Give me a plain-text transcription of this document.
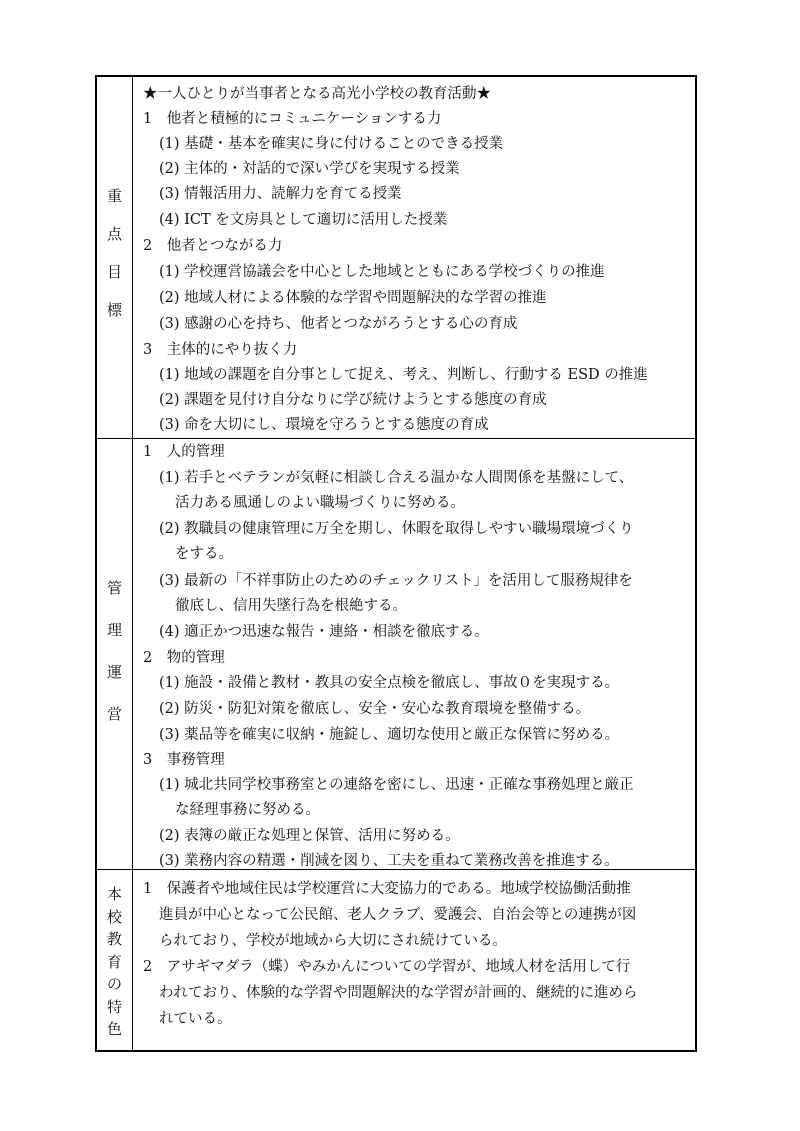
重
点
目
標
★一人ひとりが当事者となる高光小学校の教育活動★
1　他者と積極的にコミュニケーションする力
(1) 基礎・基本を確実に身に付けることのできる授業
(2) 主体的・対話的で深い学びを実現する授業
(3) 情報活用力、読解力を育てる授業
(4) ICT を文房具として適切に活用した授業
2　他者とつながる力
(1) 学校運営協議会を中心とした地域とともにある学校づくりの推進
(2) 地域人材による体験的な学習や問題解決的な学習の推進
(3) 感謝の心を持ち、他者とつながろうとする心の育成
3　主体的にやり抜く力
(1) 地域の課題を自分事として捉え、考え、判断し、行動する ESD の推進
(2) 課題を見付け自分なりに学び続けようとする態度の育成
(3) 命を大切にし、環境を守ろうとする態度の育成
管
理
運
営
1　人的管理
(1) 若手とベテランが気軽に相談し合える温かな人間関係を基盤にして、
活力ある風通しのよい職場づくりに努める。
(2) 教職員の健康管理に万全を期し、休暇を取得しやすい職場環境づくり
をする。
(3) 最新の「不祥事防止のためのチェックリスト」を活用して服務規律を
徹底し、信用失墜行為を根絶する。
(4) 適正かつ迅速な報告・連絡・相談を徹底する。
2　物的管理
(1) 施設・設備と教材・教具の安全点検を徹底し、事故０を実現する。
(2) 防災・防犯対策を徹底し、安全・安心な教育環境を整備する。
(3) 薬品等を確実に収納・施錠し、適切な使用と厳正な保管に努める。
3　事務管理
(1) 城北共同学校事務室との連絡を密にし、迅速・正確な事務処理と厳正
な経理事務に努める。
(2) 表簿の厳正な処理と保管、活用に努める。
(3) 業務内容の精選・削減を図り、工夫を重ねて業務改善を推進する。
本
校
教
育
の
特
色
1　保護者や地域住民は学校運営に大変協力的である。地域学校協働活動推
進員が中心となって公民館、老人クラブ、愛護会、自治会等との連携が図
られており、学校が地域から大切にされ続けている。
2　アサギマダラ（蝶）やみかんについての学習が、地域人材を活用して行
われており、体験的な学習や問題解決的な学習が計画的、継続的に進めら
れている。
